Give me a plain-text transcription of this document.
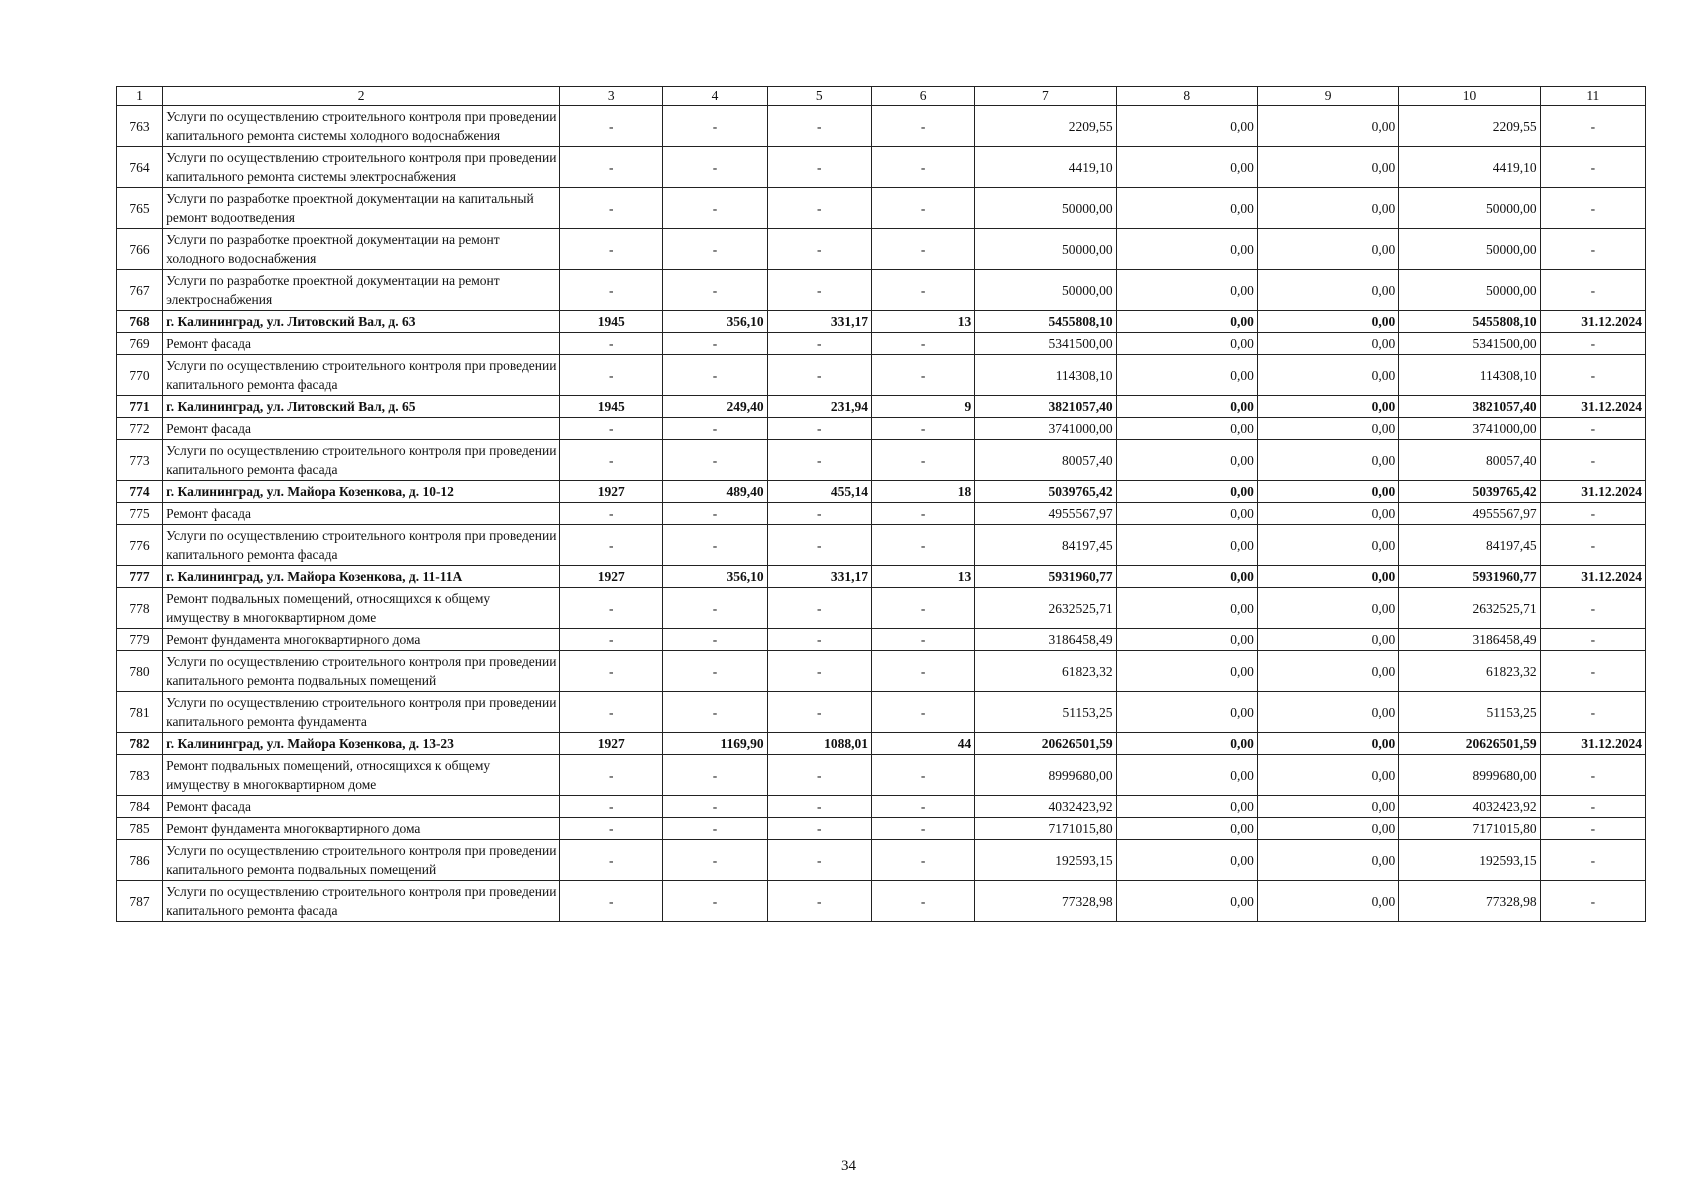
1	2	3	4	5	6	7	8	9	10	11
763	Услуги по осуществлению строительного контроля при проведении капитального ремонта системы холодного водоснабжения	-	-	-	-	2209,55	0,00	0,00	2209,55	-
764	Услуги по осуществлению строительного контроля при проведении капитального ремонта системы электроснабжения	-	-	-	-	4419,10	0,00	0,00	4419,10	-
765	Услуги по разработке проектной документации на капитальный ремонт водоотведения	-	-	-	-	50000,00	0,00	0,00	50000,00	-
766	Услуги по разработке проектной документации на ремонт холодного водоснабжения	-	-	-	-	50000,00	0,00	0,00	50000,00	-
767	Услуги по разработке проектной документации на ремонт электроснабжения	-	-	-	-	50000,00	0,00	0,00	50000,00	-
768	г. Калининград, ул. Литовский Вал, д. 63	1945	356,10	331,17	13	5455808,10	0,00	0,00	5455808,10	31.12.2024
769	Ремонт фасада	-	-	-	-	5341500,00	0,00	0,00	5341500,00	-
770	Услуги по осуществлению строительного контроля при проведении капитального ремонта фасада	-	-	-	-	114308,10	0,00	0,00	114308,10	-
771	г. Калининград, ул. Литовский Вал, д. 65	1945	249,40	231,94	9	3821057,40	0,00	0,00	3821057,40	31.12.2024
772	Ремонт фасада	-	-	-	-	3741000,00	0,00	0,00	3741000,00	-
773	Услуги по осуществлению строительного контроля при проведении капитального ремонта фасада	-	-	-	-	80057,40	0,00	0,00	80057,40	-
774	г. Калининград, ул. Майора Козенкова, д. 10-12	1927	489,40	455,14	18	5039765,42	0,00	0,00	5039765,42	31.12.2024
775	Ремонт фасада	-	-	-	-	4955567,97	0,00	0,00	4955567,97	-
776	Услуги по осуществлению строительного контроля при проведении капитального ремонта фасада	-	-	-	-	84197,45	0,00	0,00	84197,45	-
777	г. Калининград, ул. Майора Козенкова, д. 11-11А	1927	356,10	331,17	13	5931960,77	0,00	0,00	5931960,77	31.12.2024
778	Ремонт подвальных помещений, относящихся к общему имуществу в многоквартирном доме	-	-	-	-	2632525,71	0,00	0,00	2632525,71	-
779	Ремонт фундамента многоквартирного дома	-	-	-	-	3186458,49	0,00	0,00	3186458,49	-
780	Услуги по осуществлению строительного контроля при проведении капитального ремонта подвальных помещений	-	-	-	-	61823,32	0,00	0,00	61823,32	-
781	Услуги по осуществлению строительного контроля при проведении капитального ремонта фундамента	-	-	-	-	51153,25	0,00	0,00	51153,25	-
782	г. Калининград, ул. Майора Козенкова, д. 13-23	1927	1169,90	1088,01	44	20626501,59	0,00	0,00	20626501,59	31.12.2024
783	Ремонт подвальных помещений, относящихся к общему имуществу в многоквартирном доме	-	-	-	-	8999680,00	0,00	0,00	8999680,00	-
784	Ремонт фасада	-	-	-	-	4032423,92	0,00	0,00	4032423,92	-
785	Ремонт фундамента многоквартирного дома	-	-	-	-	7171015,80	0,00	0,00	7171015,80	-
786	Услуги по осуществлению строительного контроля при проведении капитального ремонта подвальных помещений	-	-	-	-	192593,15	0,00	0,00	192593,15	-
787	Услуги по осуществлению строительного контроля при проведении капитального ремонта фасада	-	-	-	-	77328,98	0,00	0,00	77328,98	-
34
